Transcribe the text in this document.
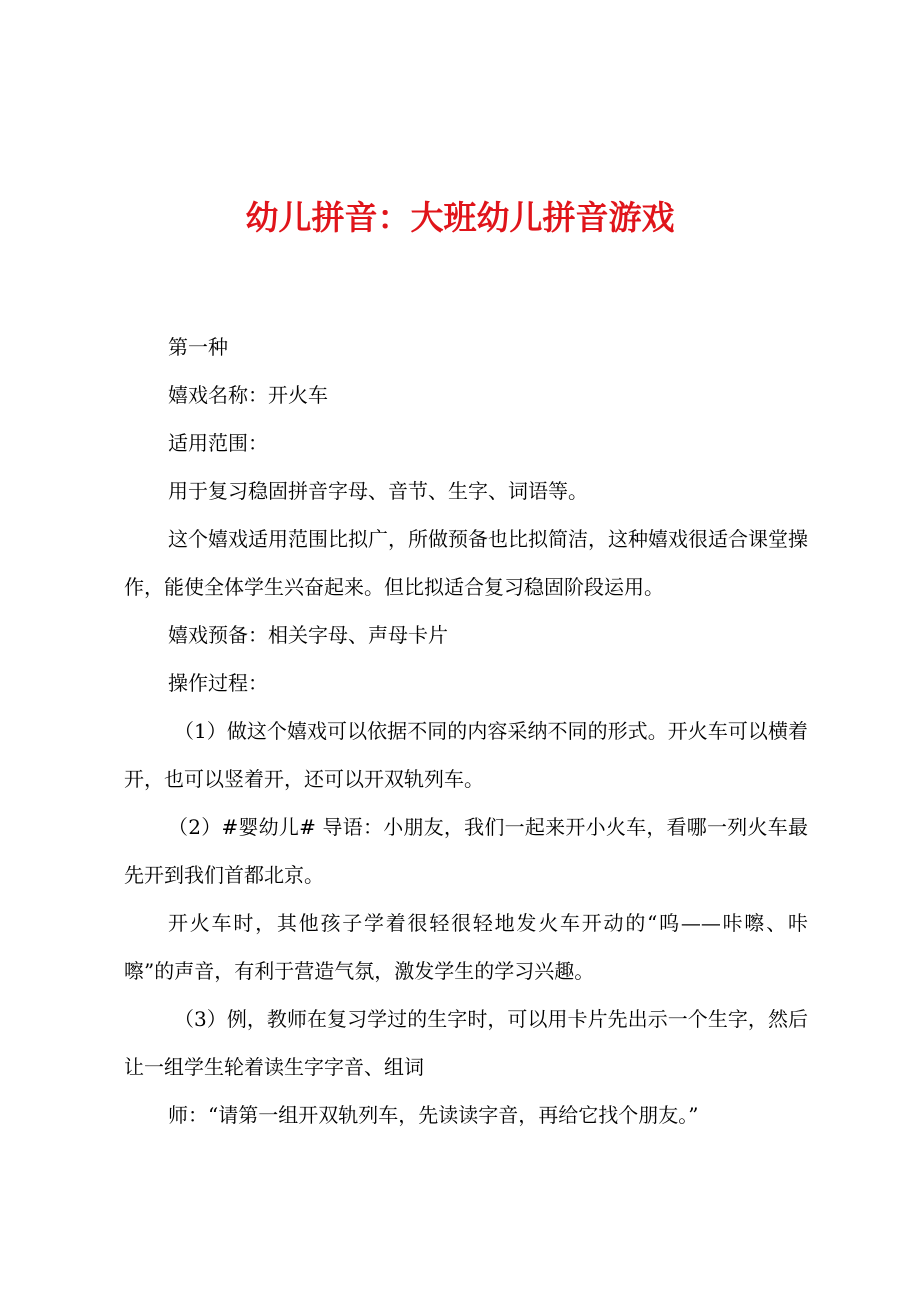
幼儿拼音：大班幼儿拼音游戏

第一种

嬉戏名称：开火车

适用范围：

用于复习稳固拼音字母、音节、生字、词语等。

这个嬉戏适用范围比拟广，所做预备也比拟简洁，这种嬉戏很适合课堂操作，能使全体学生兴奋起来。但比拟适合复习稳固阶段运用。

嬉戏预备：相关字母、声母卡片

操作过程：

（1）做这个嬉戏可以依据不同的内容采纳不同的形式。开火车可以横着开，也可以竖着开，还可以开双轨列车。

（2）#婴幼儿# 导语：小朋友，我们一起来开小火车，看哪一列火车最先开到我们首都北京。

开火车时，其他孩子学着很轻很轻地发火车开动的“呜——咔嚓、咔嚓”的声音，有利于营造气氛，激发学生的学习兴趣。

（3）例，教师在复习学过的生字时，可以用卡片先出示一个生字，然后让一组学生轮着读生字字音、组词

师：“请第一组开双轨列车，先读读字音，再给它找个朋友。”
